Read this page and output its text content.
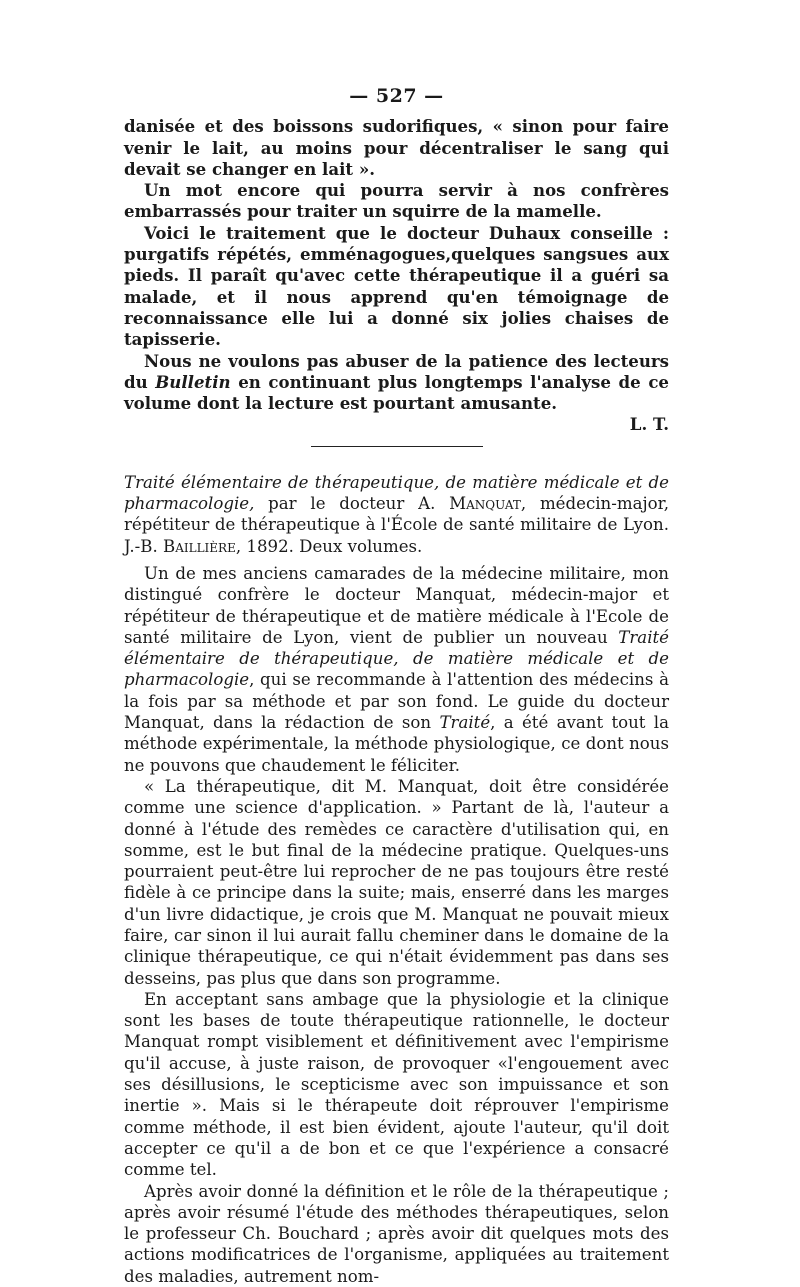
— 527 —

danisée et des boissons sudorifiques, « sinon pour faire venir le lait, au moins pour décentraliser le sang qui devait se changer en lait ».

Un mot encore qui pourra servir à nos confrères embarrassés pour traiter un squirre de la mamelle.

Voici le traitement que le docteur Duhaux conseille : purgatifs répétés, emménagogues,quelques sangsues aux pieds. Il paraît qu'avec cette thérapeutique il a guéri sa malade, et il nous apprend qu'en témoignage de reconnaissance elle lui a donné six jolies chaises de tapisserie.

Nous ne voulons pas abuser de la patience des lecteurs du Bulletin en continuant plus longtemps l'analyse de ce volume dont la lecture est pourtant amusante.

L. T.
Traité élémentaire de thérapeutique, de matière médicale et de pharmacologie, par le docteur A. Manquat, médecin-major, répétiteur de thérapeutique à l'École de santé militaire de Lyon. J.-B. Baillière, 1892. Deux volumes.

Un de mes anciens camarades de la médecine militaire, mon distingué confrère le docteur Manquat, médecin-major et répétiteur de thérapeutique et de matière médicale à l'Ecole de santé militaire de Lyon, vient de publier un nouveau Traité élémentaire de thérapeutique, de matière médicale et de pharmacologie, qui se recommande à l'attention des médecins à la fois par sa méthode et par son fond. Le guide du docteur Manquat, dans la rédaction de son Traité, a été avant tout la méthode expérimentale, la méthode physiologique, ce dont nous ne pouvons que chaudement le féliciter.

« La thérapeutique, dit M. Manquat, doit être considérée comme une science d'application. » Partant de là, l'auteur a donné à l'étude des remèdes ce caractère d'utilisation qui, en somme, est le but final de la médecine pratique. Quelques-uns pourraient peut-être lui reprocher de ne pas toujours être resté fidèle à ce principe dans la suite; mais, enserré dans les marges d'un livre didactique, je crois que M. Manquat ne pouvait mieux faire, car sinon il lui aurait fallu cheminer dans le domaine de la clinique thérapeutique, ce qui n'était évidemment pas dans ses desseins, pas plus que dans son programme.

En acceptant sans ambage que la physiologie et la clinique sont les bases de toute thérapeutique rationnelle, le docteur Manquat rompt visiblement et définitivement avec l'empirisme qu'il accuse, à juste raison, de provoquer «l'engouement avec ses désillusions, le scepticisme avec son impuissance et son inertie ». Mais si le thérapeute doit réprouver l'empirisme comme méthode, il est bien évident, ajoute l'auteur, qu'il doit accepter ce qu'il a de bon et ce que l'expérience a consacré comme tel.

Après avoir donné la définition et le rôle de la thérapeutique ; après avoir résumé l'étude des méthodes thérapeutiques, selon le professeur Ch. Bouchard ; après avoir dit quelques mots des actions modificatrices de l'organisme, appliquées au traitement des maladies, autrement nom-
